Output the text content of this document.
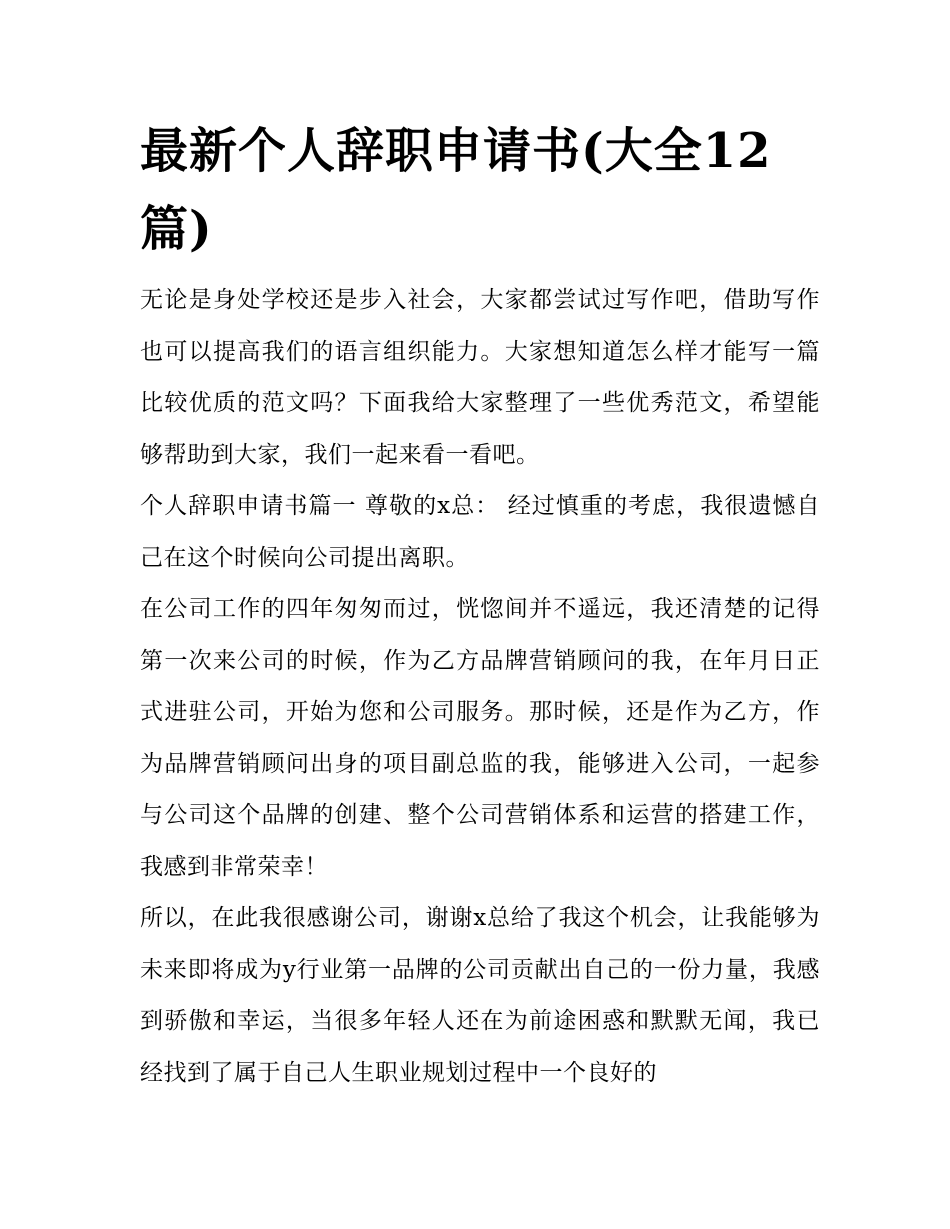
最新个人辞职申请书(大全12篇)

无论是身处学校还是步入社会，大家都尝试过写作吧，借助写作也可以提高我们的语言组织能力。大家想知道怎么样才能写一篇比较优质的范文吗？下面我给大家整理了一些优秀范文，希望能够帮助到大家，我们一起来看一看吧。

个人辞职申请书篇一 尊敬的x总： 经过慎重的考虑，我很遗憾自己在这个时候向公司提出离职。

在公司工作的四年匆匆而过，恍惚间并不遥远，我还清楚的记得第一次来公司的时候，作为乙方品牌营销顾问的我，在年月日正式进驻公司，开始为您和公司服务。那时候，还是作为乙方，作为品牌营销顾问出身的项目副总监的我，能够进入公司，一起参与公司这个品牌的创建、整个公司营销体系和运营的搭建工作，我感到非常荣幸！

所以，在此我很感谢公司，谢谢x总给了我这个机会，让我能够为未来即将成为y行业第一品牌的公司贡献出自己的一份力量，我感到骄傲和幸运，当很多年轻人还在为前途困惑和默默无闻，我已经找到了属于自己人生职业规划过程中一个良好的
